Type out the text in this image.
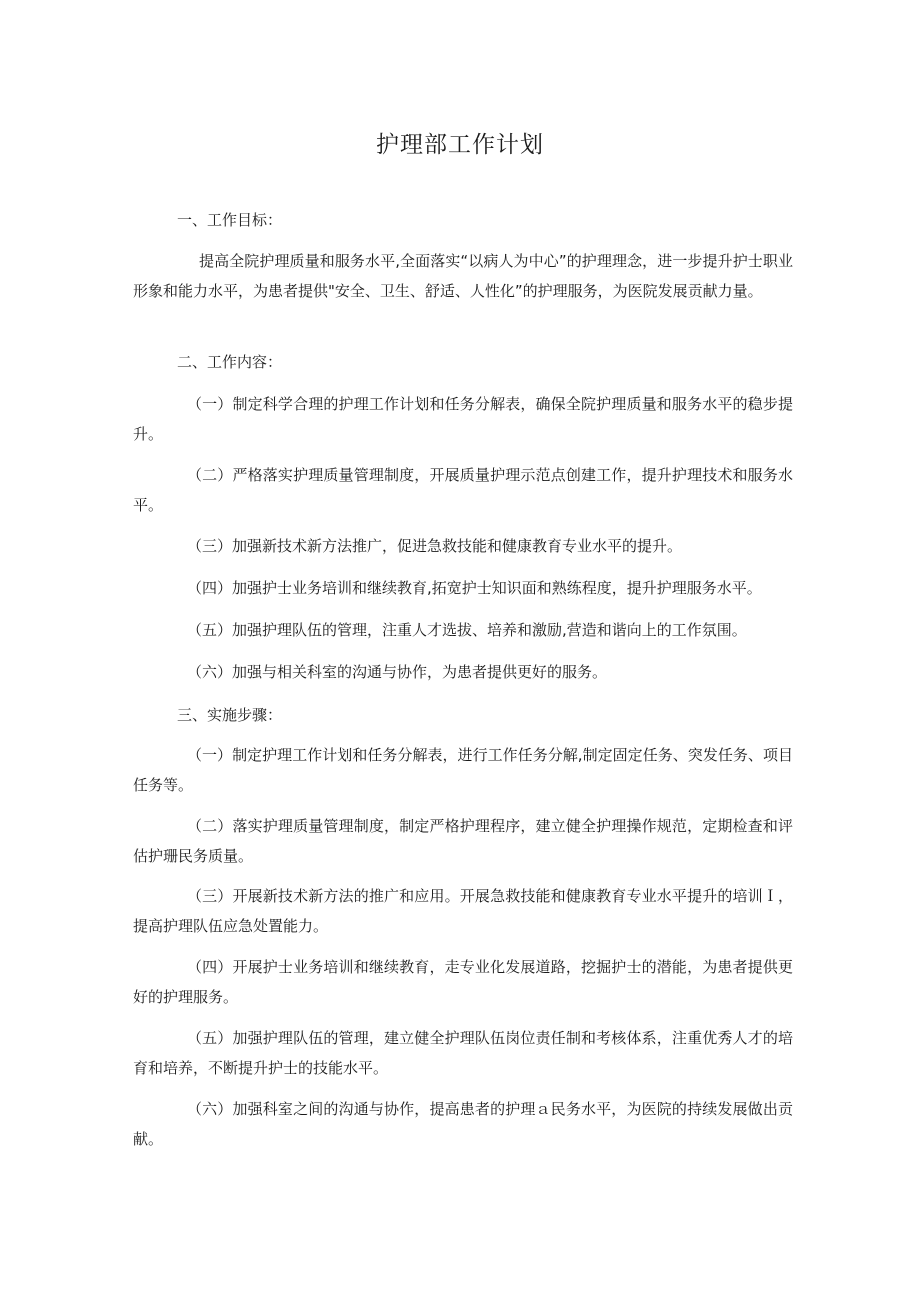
护理部工作计划
一、工作目标：

提高全院护理质量和服务水平,全面落实“以病人为中心”的护理理念，进一步提升护士职业形象和能力水平，为患者提供"安全、卫生、舒适、人性化”的护理服务，为医院发展贡献力量。

二、工作内容：

（一）制定科学合理的护理工作计划和任务分解表，确保全院护理质量和服务水平的稳步提升。

（二）严格落实护理质量管理制度，开展质量护理示范点创建工作，提升护理技术和服务水平。

（三）加强新技术新方法推广，促进急救技能和健康教育专业水平的提升。

（四）加强护士业务培训和继续教育,拓宽护士知识面和熟练程度，提升护理服务水平。

（五）加强护理队伍的管理，注重人才选拔、培养和激励,营造和谐向上的工作氛围。

（六）加强与相关科室的沟通与协作，为患者提供更好的服务。

三、实施步骤：

（一）制定护理工作计划和任务分解表，进行工作任务分解,制定固定任务、突发任务、项目任务等。

（二）落实护理质量管理制度，制定严格护理程序，建立健全护理操作规范，定期检查和评估护珊民务质量。

（三）开展新技术新方法的推广和应用。开展急救技能和健康教育专业水平提升的培训Ｉ，提高护理队伍应急处置能力。

（四）开展护士业务培训和继续教育，走专业化发展道路，挖掘护士的潜能，为患者提供更好的护理服务。

（五）加强护理队伍的管理，建立健全护理队伍岗位责任制和考核体系，注重优秀人才的培育和培养，不断提升护士的技能水平。

（六）加强科室之间的沟通与协作，提高患者的护理ａ民务水平，为医院的持续发展做出贡献。
